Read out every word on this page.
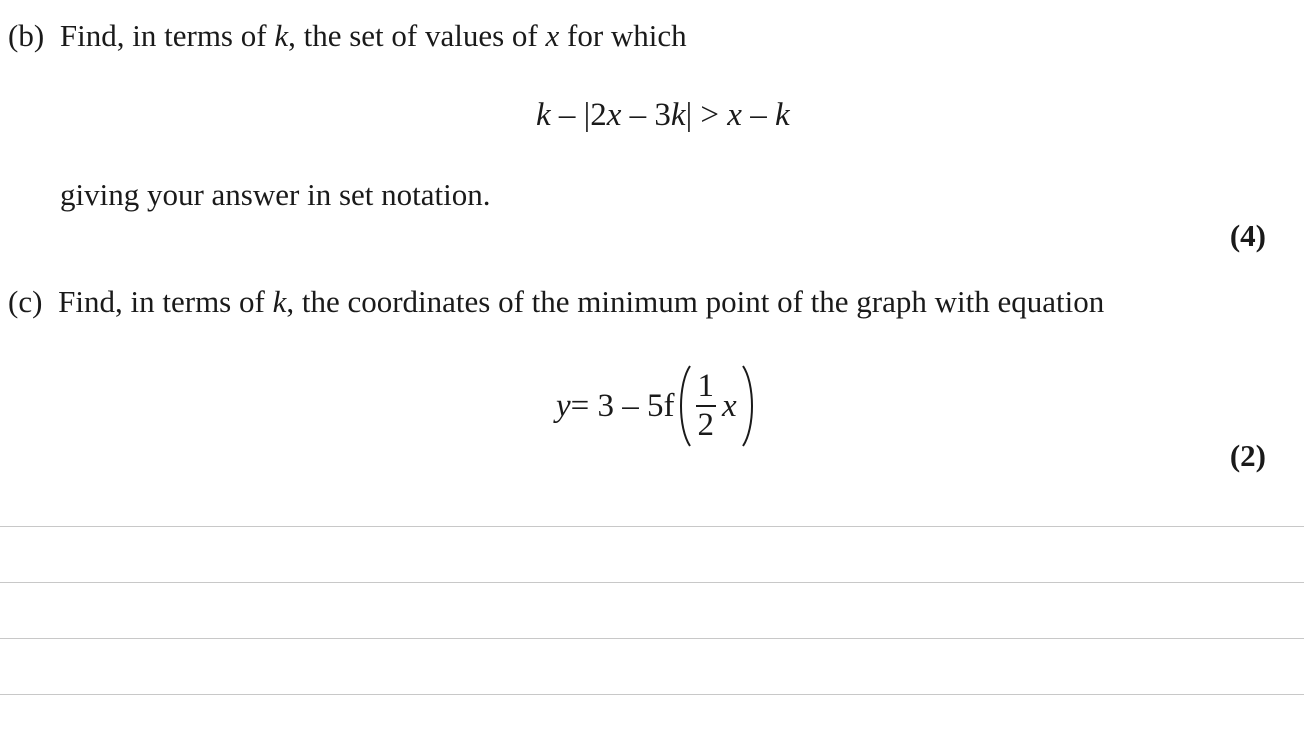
(b) Find, in terms of k, the set of values of x for which
k – |2x – 3k| > x – k
giving your answer in set notation.
(4)
(c) Find, in terms of k, the coordinates of the minimum point of the graph with equation
$y = 3 - 5f \frac{1}{2}$ x
(2)
